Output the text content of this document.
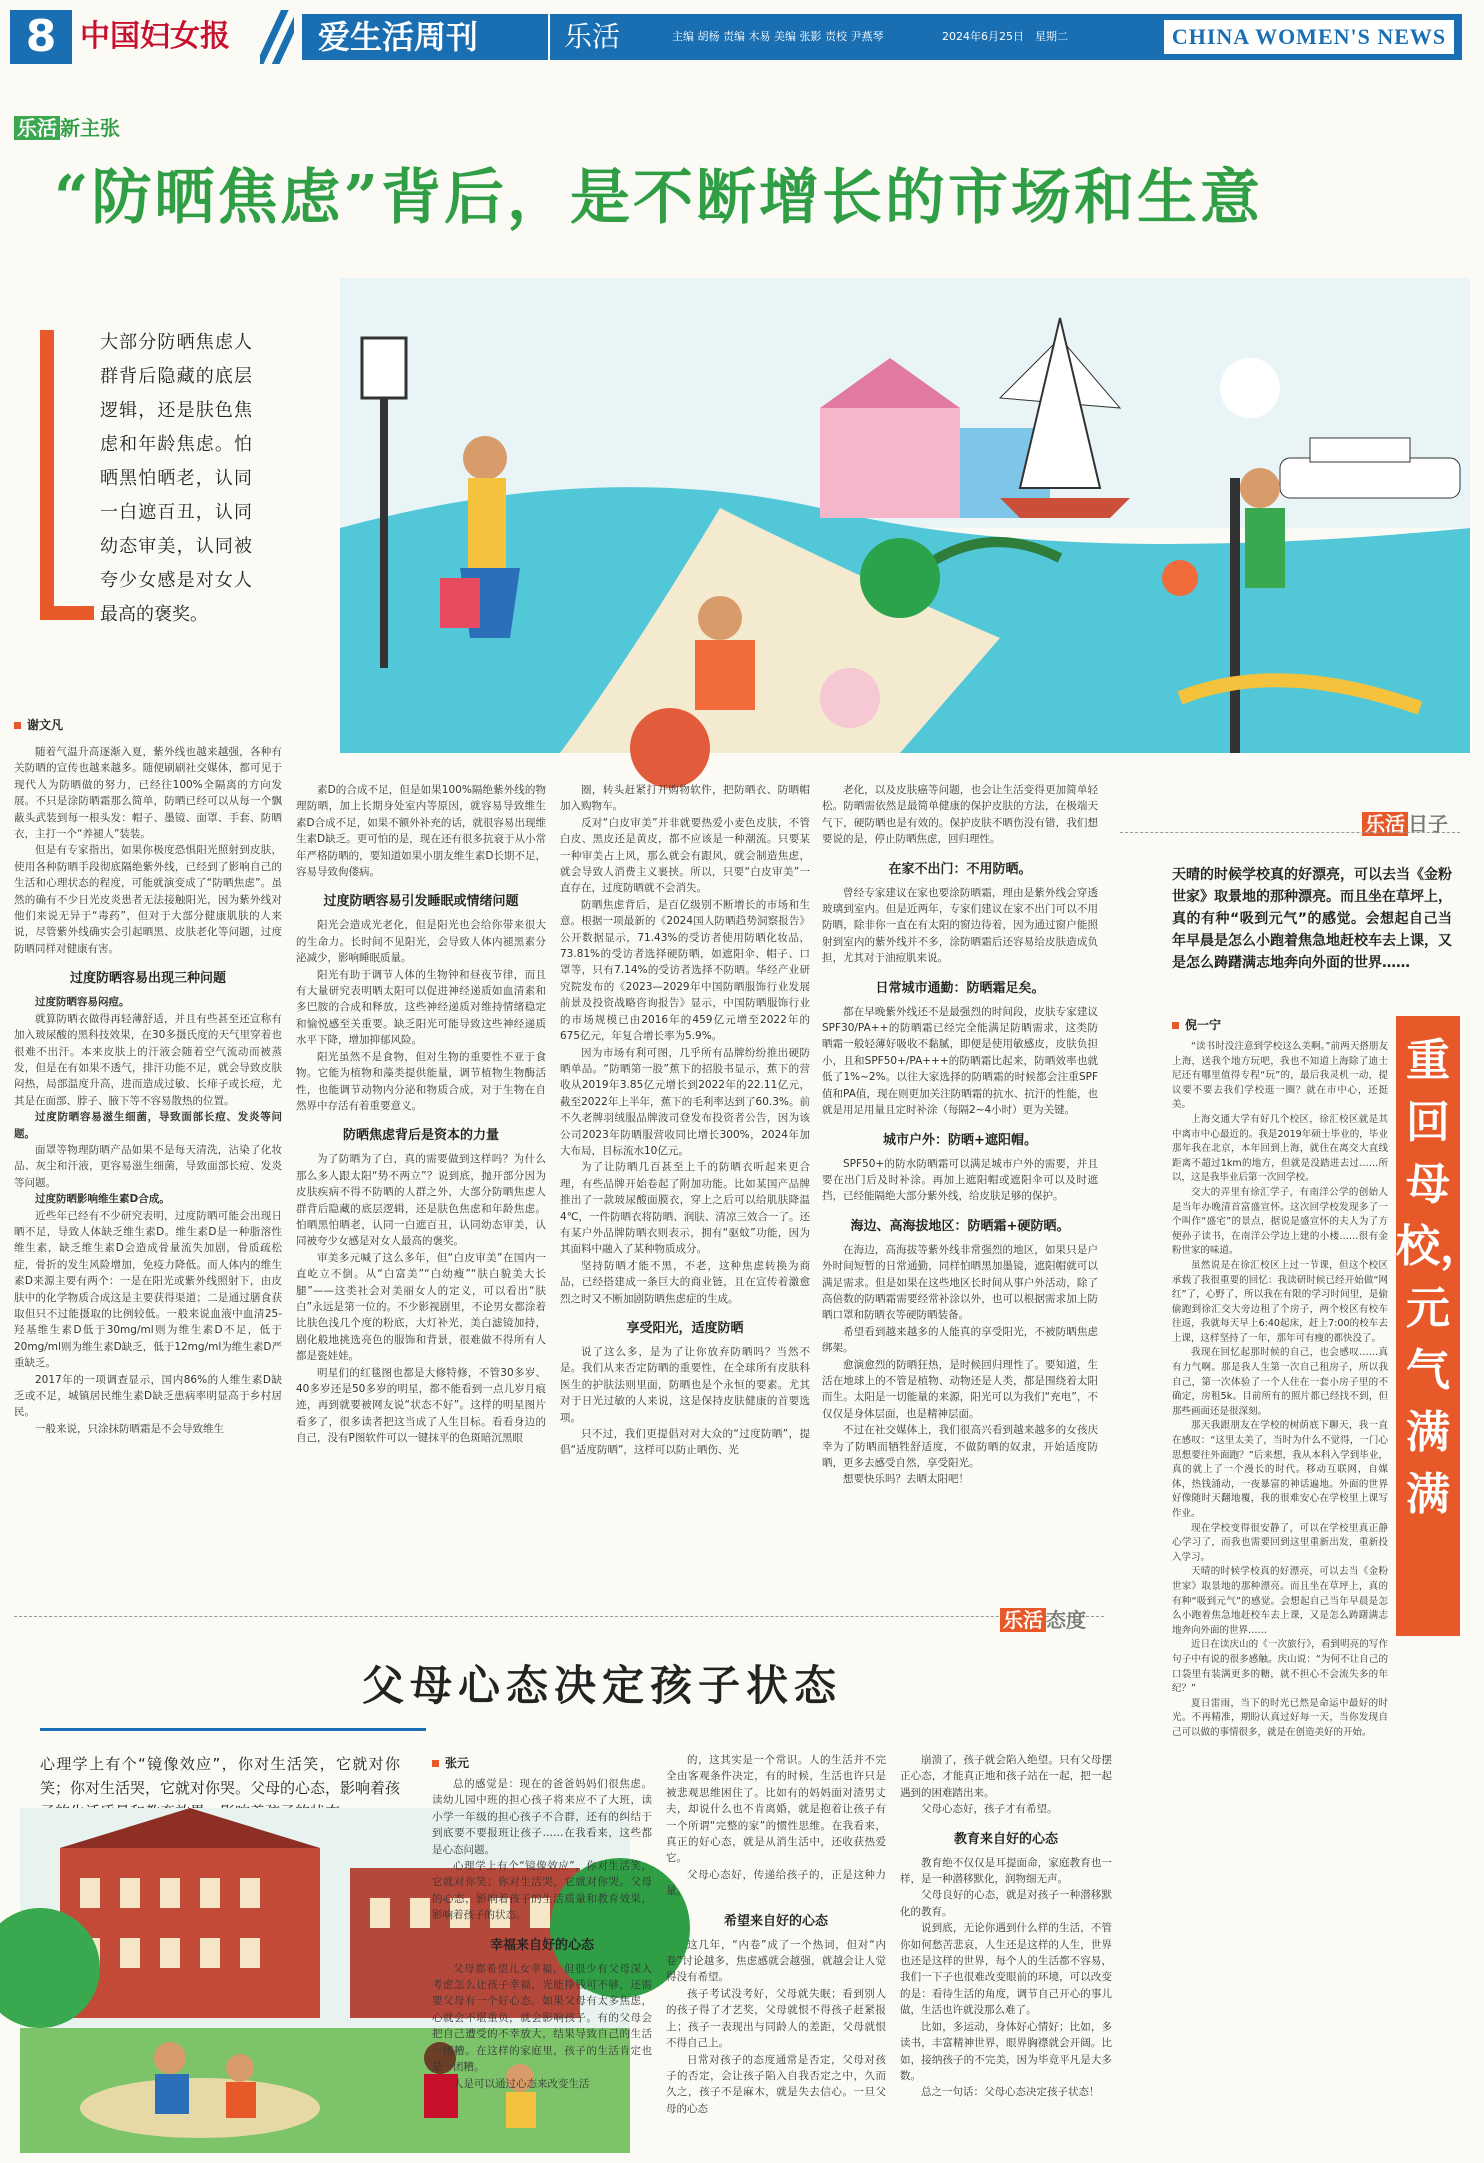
8 中国妇女报	爱生活周刊	乐活	主编 胡杨 责编 木易 美编 张影 责校 尹燕琴	2024年6月25日　星期二	CHINA WOMEN'S NEWS
乐活 新主张
“防晒焦虑”背后，是不断增长的市场和生意
大部分防晒焦虑人群背后隐藏的底层逻辑，还是肤色焦虑和年龄焦虑。怕晒黑怕晒老，认同一白遮百丑，认同幼态审美，认同被夸少女感是对女人最高的褒奖。
谢文凡

随着气温升高逐渐入夏，紫外线也越来越强，各种有关防晒的宣传也越来越多。随便刷刷社交媒体，都可见于现代人为防晒做的努力，已经往100%全隔离的方向发展。不只是涂防晒霜那么简单，防晒已经可以从每一个飘蔽头武装到每一根头发：帽子、墨镜、面罩、手套、防晒衣，主打一个“养褪人”装装。

但是有专家指出，如果你极度恐惧阳光照射到皮肤，使用各种防晒手段彻底隔绝紫外线，已经到了影响自己的生活和心理状态的程度，可能就演变成了“防晒焦虑”。虽然的确有不少日光皮炎患者无法接触阳光，因为紫外线对他们来说无异于“毒药”，但对于大部分健康肌肤的人来说，尽管紫外线确实会引起晒黑、皮肤老化等问题，过度防晒同样对健康有害。

过度防晒容易出现三种问题

过度防晒容易闷痘。

就算防晒衣做得再轻薄舒适，并且有些甚至还宣称有加入玻尿酸的黑科技效果，在30多摄氏度的天气里穿着也很难不出汗。本来皮肤上的汗液会随着空气流动而被蒸发，但是在有如果不透气，排汗功能不足，就会导致皮肤闷热，局部温度升高，进而造成过敏、长痱子或长痘，尤其是在面部、脖子、腋下等不容易散热的位置。

过度防晒容易滋生细菌，导致面部长痘、发炎等问题。

面罩等物理防晒产品如果不是每天清洗，沾染了化妆品、灰尘和汗液，更容易滋生细菌，导致面部长痘、发炎等问题。

过度防晒影响维生素D合成。

近些年已经有不少研究表明，过度防晒可能会出现日晒不足，导致人体缺乏维生素D。维生素D是一种脂溶性维生素，缺乏维生素D会造成骨量流失加剧，骨质疏松症，骨折的发生风险增加，免疫力降低。而人体内的维生素D来源主要有两个：一是在阳光或紫外线照射下，由皮肤中的化学物质合成这是主要获得渠道；二是通过膳食获取但只不过能摄取的比例较低。一般来说血液中血清25-羟基维生素D低于30mg/ml则为维生素D不足，低于20mg/ml则为维生素D缺乏，低于12mg/ml为维生素D严重缺乏。

2017年的一项调查显示，国内86%的人维生素D缺乏或不足，城镇居民维生素D缺乏患病率明显高于乡村居民。

一般来说，只涂抹防晒霜是不会导致维生

素D的合成不足，但是如果100%隔绝紫外线的物理防晒，加上长期身处室内等原因，就容易导致维生素D合成不足，如果不额外补充的话，就很容易出现维生素D缺乏。更可怕的是，现在还有很多抗衰于从小常年严格防晒的，要知道如果小朋友维生素D长期不足，容易导致佝偻病。

过度防晒容易引发睡眠或情绪问题

阳光会造成光老化，但是阳光也会给你带来很大的生命力。长时间不见阳光，会导致人体内褪黑素分泌减少，影响睡眠质量。

阳光有助于调节人体的生物钟和昼夜节律，而且有大量研究表明晒太阳可以促进神经递质如血清素和多巴胺的合成和释放，这些神经递质对维持情绪稳定和愉悦感至关重要。缺乏阳光可能导致这些神经递质水平下降，增加抑郁风险。

阳光虽然不是食物，但对生物的重要性不亚于食物。它能为植物和藻类提供能量，调节植物生物酶活性，也能调节动物内分泌和物质合成，对于生物在自然界中存活有着重要意义。

防晒焦虑背后是资本的力量

为了防晒为了白，真的需要做到这样吗？为什么那么多人跟太阳“势不两立”？说到底，抛开部分因为皮肤疾病不得不防晒的人群之外，大部分防晒焦虑人群背后隐藏的底层逻辑，还是肤色焦虑和年龄焦虑。怕晒黑怕晒老，认同一白遮百丑，认同幼态审美，认同被夸少女感是对女人最高的褒奖。

审美多元喊了这么多年，但“白皮审美”在国内一直屹立不倒。从“白富美”“白幼瘦”“肤白貌美大长腿”——这类社会对美丽女人的定义，可以看出“肤白”永远是第一位的。不少影视剧里，不论男女都涂着比肤色浅几个度的粉底，大灯补光，美白滤镜加持，剧化般地挑选亮色的服饰和背景，很难做不得所有人都是瓷娃娃。

明星们的红毯图也都是大修特修，不管30多岁、40多岁还是50多岁的明星，都不能看到一点儿岁月痕迹，再到就要被网友说“状态不好”。这样的明星图片看多了，很多读者把这当成了人生目标。看看身边的自己，没有P图软件可以一键抹平的色斑暗沉黑眼

圈，转头赶紧打开购物软件，把防晒衣、防晒帽加入购物车。

反对“白皮审美”并非就要热爱小麦色皮肤，不管白皮、黑皮还是黄皮，都不应该是一种潮流。只要某一种审美占上风，那么就会有跟风，就会制造焦虑，就会导致人消费主义裹挟。所以，只要“白皮审美”一直存在，过度防晒就不会消失。

防晒焦虑背后，是百亿级别不断增长的市场和生意。根据一项最新的《2024国人防晒趋势洞察报告》公开数据显示，71.43%的受访者使用防晒化妆品，73.81%的受访者选择硬防晒，如遮阳伞、帽子、口罩等，只有7.14%的受访者选择不防晒。华经产业研究院发布的《2023—2029年中国防晒服饰行业发展前景及投资战略咨询报告》显示，中国防晒服饰行业的市场规模已由2016年的459亿元增至2022年的675亿元，年复合增长率为5.9%。

因为市场有利可图，几乎所有品牌纷纷推出硬防晒单品。“防晒第一股”蕉下的招股书显示，蕉下的营收从2019年3.85亿元增长到2022年的22.11亿元，截至2022年上半年，蕉下的毛利率达到了60.3%。前不久老牌羽绒服品牌波司登发布投资者公告，因为该公司2023年防晒服营收同比增长300%，2024年加大布局，目标流水10亿元。

为了让防晒几百甚至上千的防晒衣听起来更合理，有些品牌开始卷起了附加功能。比如某国产品牌推出了一款玻尿酸面膜衣，穿上之后可以给肌肤降温4℃，一件防晒衣将防晒、润肤、清凉三效合一了。还有某户外品牌防晒衣则表示，拥有“驱蚊”功能，因为其面料中融入了某种物质成分。

坚持防晒才能不黑，不老，这种焦虑转换为商品，已经搭建成一条巨大的商业链，且在宣传着激愈烈之时又不断加剧防晒焦虑症的生成。

享受阳光，适度防晒

说了这么多，是为了让你放弃防晒吗？当然不是。我们从来否定防晒的重要性，在全球所有皮肤科医生的护肤法则里面，防晒也是个永恒的要素。尤其对于日光过敏的人来说，这是保持皮肤健康的首要选项。

只不过，我们更提倡对对大众的“过度防晒”，提倡“适度防晒”，这样可以防止晒伤、光

老化，以及皮肤癌等问题，也会让生活变得更加简单轻松。防晒需依然是最简单健康的保护皮肤的方法，在极端天气下，硬防晒也是有效的。保护皮肤不晒伤没有错，我们想要说的是，停止防晒焦虑，回归理性。

在家不出门：不用防晒。

曾经专家建议在家也要涂防晒霜，理由是紫外线会穿透玻璃到室内。但是近两年，专家们建议在家不出门可以不用防晒，除非你一直在有太阳的窗边待着，因为通过窗户能照射到室内的紫外线并不多，涂防晒霜后还容易给皮肤造成负担，尤其对于油痘肌来说。

日常城市通勤：防晒霜足矣。

都在早晚紫外线还不是最强烈的时间段，皮肤专家建议SPF30/PA++的防晒霜已经完全能满足防晒需求，这类防晒霜一般轻薄好吸收不黏腻，即便是使用敏感皮，皮肤负担小，且和SPF50+/PA+++的防晒霜比起来，防晒效率也就低了1%~2%。以往大家选择的防晒霜的时候都会注重SPF值和PA值，现在则更加关注防晒霜的抗水、抗汗的性能，也就是用足用量且定时补涂（每隔2~4小时）更为关键。

城市户外：防晒+遮阳帽。

SPF50+的防水防晒霜可以满足城市户外的需要，并且要在出门后及时补涂。再加上遮阳帽或遮阳伞可以及时遮挡，已经能隔绝大部分紫外线，给皮肤足够的保护。

海边、高海拔地区：防晒霜+硬防晒。

在海边，高海拔等紫外线非常强烈的地区，如果只是户外时间短暂的日常通勤，同样怕晒黑加墨镜，遮阳帽就可以满足需求。但是如果在这些地区长时间从事户外活动，除了高倍数的防晒霜需要经常补涂以外，也可以根据需求加上防晒口罩和防晒衣等硬防晒装备。

希望看到越来越多的人能真的享受阳光，不被防晒焦虑绑架。

愈演愈烈的防晒狂热，是时候回归理性了。要知道，生活在地球上的不管是植物、动物还是人类，都是围绕着太阳而生。太阳是一切能量的来源，阳光可以为我们“充电”，不仅仅是身体层面，也是精神层面。

不过在社交媒体上，我们很高兴看到越来越多的女孩庆幸为了防晒而牺牲舒适度，不做防晒的奴隶，开始适度防晒，更多去感受自然，享受阳光。

想要快乐吗？去晒太阳吧！

乐活 日子
天晴的时候学校真的好漂亮，可以去当《金粉世家》取景地的那种漂亮。而且坐在草坪上，真的有种“吸到元气”的感觉。会想起自己当年早晨是怎么小跑着焦急地赶校车去上课，又是怎么踌躇满志地奔向外面的世界……
倪一宁
重回母校，元气满满

“读书时没注意到学校这么美啊。”前两天搭朋友上海，送我个地方玩吧，我也不知道上海除了迪士尼还有哪里值得专程“玩”的，最后我灵机一动，提议要不要去我们学校逛一圈？就在市中心，还挺美。

上海交通大学有好几个校区，徐汇校区就是其中离市中心最近的。我是2019年硕士毕业的，毕业那年我在北京，本年回到上海，就住在离交大直线距离不超过1km的地方，但就是没踏进去过……所以，这是我毕业后第一次回学校。

交大的弄里有徐汇学子，有南洋公学的创始人是当年办晚清首富盛宣怀。这次回学校发现多了一个叫作“盛宅”的景点，据说是盛宣怀的夫人为了方便孙子读书，在南洋公学边上建的小楼……很有金粉世家的味道。

虽然说是在徐汇校区上过一节课，但这个校区承载了我很重要的回忆：我读研时候已经开始做“网红”了，心野了，所以我在有限的学习时间里，是偷偷跑到徐汇交大旁边租了个房子，两个校区有校车往返，我就每天早上6:40起床，赶上7:00的校车去上课，这样坚持了一年，那年可有瘦的都快没了。

我现在回忆起那时候的自己，也会感叹……真有力气啊。那是我人生第一次自己租房子，所以我自己，第一次体验了一个人住在一套小房子里的不确定，房租5k。目前所有的照片都已经找不到，但那些画面还是很深刻。

那天我跟朋友在学校的树荫底下聊天，我一直在感叹：“这里太美了，当时为什么不觉得，一门心思想要往外面跑？”后来想，我从本科入学到毕业，真的就上了一个漫长的时代。移动互联网，自媒体，热钱涌动，一夜暴富的神话遍地。外面的世界好像随时天翻地覆，我的很难安心在学校里上课写作业。

现在学校变得很安静了，可以在学校里真正静心学习了，而我也需要回到这里重新出发，重新投入学习。

天晴的时候学校真的好漂亮，可以去当《金粉世家》取景地的那种漂亮。而且坐在草坪上，真的有种“吸到元气”的感觉。会想起自己当年早晨是怎么小跑着焦急地赶校车去上课，又是怎么踌躇满志地奔向外面的世界……

近日在读庆山的《一次旅行》，看到明亮的写作句子中有说的很多感触。庆山说：“为何不让自己的口袋里有装满更多的糖，就不担心不会流失多的年纪？”

夏日雷雨，当下的时光已然是命运中最好的时光。不再精准，期盼认真过好每一天，当你发现自己可以做的事情很多，就是在创造美好的开始。

乐活 态度
父母心态决定孩子状态
心理学上有个“镜像效应”，你对生活笑，它就对你笑；你对生活哭，它就对你哭。父母的心态，影响着孩
张元

总的感觉是：现在的爸爸妈妈们很焦虑。读幼儿园中班的担心孩子将来应不了大班，读小学一年级的担心孩子不合群，还有的纠结于到底要不要报班让孩子……在我看来，这些都是心态问题。

心理学上有个“镜像效应”，你对生活笑，它就对你笑；你对生活哭，它就对你哭。父母的心态，影响着孩子的生活质量和教育效果，影响着孩子的状态。

幸福来自好的心态

父母都希望儿女幸福，但很少有父母深入考虑怎么让孩子幸福，光能挣钱可不够，还需要父母有一个好心态。如果父母有太多焦虑，心就会不堪重负，就会影响孩子。有的父母会把自己遭受的不幸放大，结果导致自己的生活一团糟。在这样的家庭里，孩子的生活肯定也是一团糟。

人是可以通过心态来改变生活

的，这其实是一个常识。人的生活并不完全由客观条件决定，有的时候，生活也许只是被悲观思维困住了。比如有的妈妈面对渣男丈夫，却说什么也不肯离婚，就是抱着让孩子有一个所谓“完整的家”的惯性思维。在我看来，真正的好心态，就是从消生活中，还收获热爱它。

父母心态好，传递给孩子的，正是这种力量。

希望来自好的心态

这几年，“内卷”成了一个热词，但对“内卷”讨论越多，焦虑感就会越强，就越会让人觉得没有希望。

孩子考试没考好，父母就失眠；看到别人的孩子得了才艺奖，父母就恨不得孩子赶紧报上；孩子一表现出与同龄人的差距，父母就恨不得自己上。

日常对孩子的态度通常是否定，父母对孩子的否定，会让孩子陷入自我否定之中，久而久之，孩子不是麻木，就是失去信心。一旦父母的心态

崩溃了，孩子就会陷入绝望。只有父母摆正心态，才能真正地和孩子站在一起，把一起遇到的困难踏出来。

父母心态好，孩子才有希望。

教育来自好的心态

教育绝不仅仅是耳提面命，家庭教育也一样，是一种潜移默化，润物细无声。

父母良好的心态，就是对孩子一种潜移默化的教育。

说到底，无论你遇到什么样的生活，不管你如何愁苦悲哀，人生还是这样的人生，世界也还是这样的世界，每个人的生活都不容易，我们一下子也很难改变眼前的环境，可以改变的是：看待生活的角度，调节自己开心的事儿做，生活也许就没那么难了。

比如，多运动，身体好心情好；比如，多读书，丰富精神世界，眼界胸襟就会开阔。比如，接纳孩子的不完美，因为毕竟平凡是大多数。

总之一句话：父母心态决定孩子状态！
